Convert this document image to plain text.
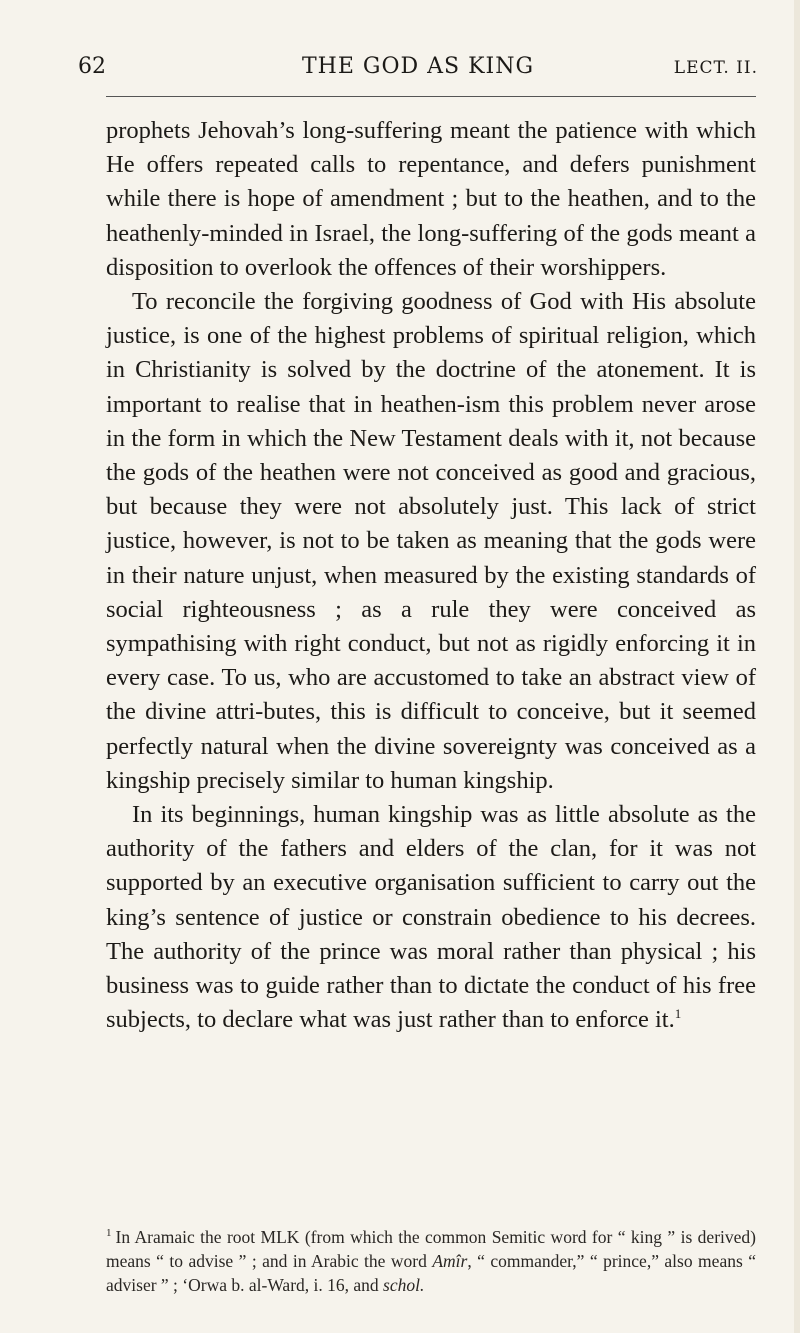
62	THE GOD AS KING	LECT. II.

prophets Jehovah’s long-suffering meant the patience with which He offers repeated calls to repentance, and defers punishment while there is hope of amendment ; but to the heathen, and to the heathenly-minded in Israel, the long-suffering of the gods meant a disposition to overlook the offences of their worshippers.

To reconcile the forgiving goodness of God with His absolute justice, is one of the highest problems of spiritual religion, which in Christianity is solved by the doctrine of the atonement. It is important to realise that in heathen-ism this problem never arose in the form in which the New Testament deals with it, not because the gods of the heathen were not conceived as good and gracious, but because they were not absolutely just. This lack of strict justice, however, is not to be taken as meaning that the gods were in their nature unjust, when measured by the existing standards of social righteousness ; as a rule they were conceived as sympathising with right conduct, but not as rigidly enforcing it in every case. To us, who are accustomed to take an abstract view of the divine attri-butes, this is difficult to conceive, but it seemed perfectly natural when the divine sovereignty was conceived as a kingship precisely similar to human kingship.

In its beginnings, human kingship was as little absolute as the authority of the fathers and elders of the clan, for it was not supported by an executive organisation sufficient to carry out the king’s sentence of justice or constrain obedience to his decrees. The authority of the prince was moral rather than physical ; his business was to guide rather than to dictate the conduct of his free subjects, to declare what was just rather than to enforce it.$^1$

$^1$ In Aramaic the root MLK (from which the common Semitic word for “ king ” is derived) means “ to advise ” ; and in Arabic the word Amîr, “ commander,” “ prince,” also means “ adviser ” ; ‘Orwa b. al-Ward, i. 16, and schol.
